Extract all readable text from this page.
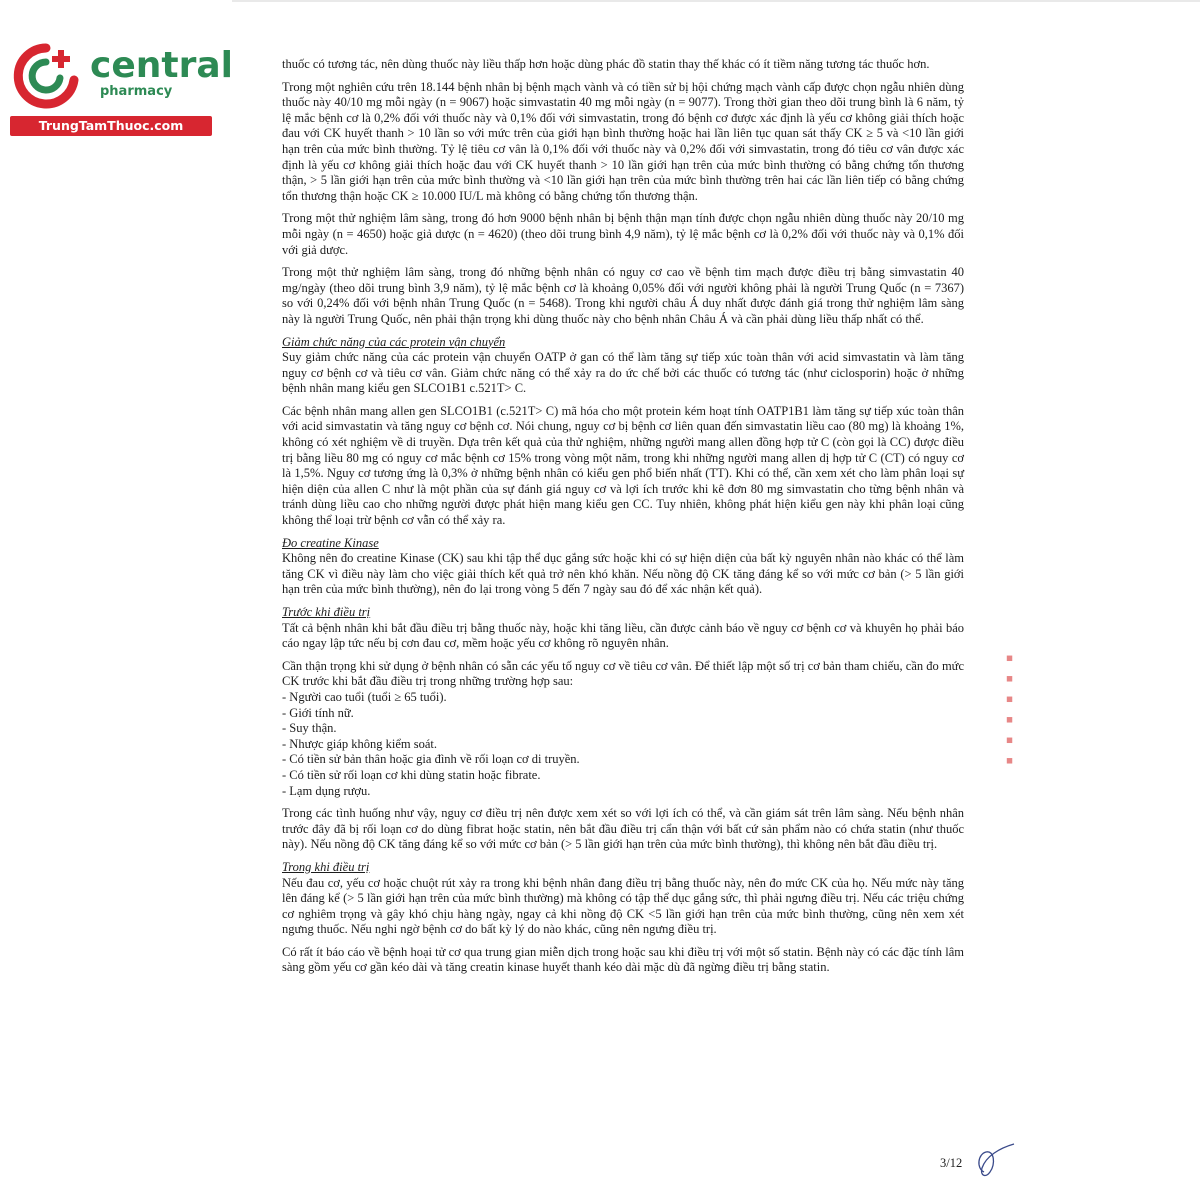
central
pharmacy
TrungTamThuoc.com

thuốc có tương tác, nên dùng thuốc này liều thấp hơn hoặc dùng phác đồ statin thay thế khác có ít tiềm năng tương tác thuốc hơn.

Trong một nghiên cứu trên 18.144 bệnh nhân bị bệnh mạch vành và có tiền sử bị hội chứng mạch vành cấp được chọn ngẫu nhiên dùng thuốc này 40/10 mg mỗi ngày (n = 9067) hoặc simvastatin 40 mg mỗi ngày (n = 9077). Trong thời gian theo dõi trung bình là 6 năm, tỷ lệ mắc bệnh cơ là 0,2% đối với thuốc này và 0,1% đối với simvastatin, trong đó bệnh cơ được xác định là yếu cơ không giải thích hoặc đau với CK huyết thanh > 10 lần so với mức trên của giới hạn bình thường hoặc hai lần liên tục quan sát thấy CK ≥ 5 và <10 lần giới hạn trên của mức bình thường. Tỷ lệ tiêu cơ vân là 0,1% đối với thuốc này và 0,2% đối với simvastatin, trong đó tiêu cơ vân được xác định là yếu cơ không giải thích hoặc đau với CK huyết thanh > 10 lần giới hạn trên của mức bình thường có bằng chứng tổn thương thận, > 5 lần giới hạn trên của mức bình thường và <10 lần giới hạn trên của mức bình thường trên hai các lần liên tiếp có bằng chứng tổn thương thận hoặc CK ≥ 10.000 IU/L mà không có bằng chứng tổn thương thận.

Trong một thử nghiệm lâm sàng, trong đó hơn 9000 bệnh nhân bị bệnh thận mạn tính được chọn ngẫu nhiên dùng thuốc này 20/10 mg mỗi ngày (n = 4650) hoặc giả dược (n = 4620) (theo dõi trung bình 4,9 năm), tỷ lệ mắc bệnh cơ là 0,2% đối với thuốc này và 0,1% đối với giả dược.

Trong một thử nghiệm lâm sàng, trong đó những bệnh nhân có nguy cơ cao về bệnh tim mạch được điều trị bằng simvastatin 40 mg/ngày (theo dõi trung bình 3,9 năm), tỷ lệ mắc bệnh cơ là khoảng 0,05% đối với người không phải là người Trung Quốc (n = 7367) so với 0,24% đối với bệnh nhân Trung Quốc (n = 5468). Trong khi người châu Á duy nhất được đánh giá trong thử nghiệm lâm sàng này là người Trung Quốc, nên phải thận trọng khi dùng thuốc này cho bệnh nhân Châu Á và cần phải dùng liều thấp nhất có thể.

Giảm chức năng của các protein vận chuyển

Suy giảm chức năng của các protein vận chuyển OATP ở gan có thể làm tăng sự tiếp xúc toàn thân với acid simvastatin và làm tăng nguy cơ bệnh cơ và tiêu cơ vân. Giảm chức năng có thể xảy ra do ức chế bởi các thuốc có tương tác (như ciclosporin) hoặc ở những bệnh nhân mang kiểu gen SLCO1B1 c.521T> C.

Các bệnh nhân mang allen gen SLCO1B1 (c.521T> C) mã hóa cho một protein kém hoạt tính OATP1B1 làm tăng sự tiếp xúc toàn thân với acid simvastatin và tăng nguy cơ bệnh cơ. Nói chung, nguy cơ bị bệnh cơ liên quan đến simvastatin liều cao (80 mg) là khoảng 1%, không có xét nghiệm về di truyền. Dựa trên kết quả của thử nghiệm, những người mang allen đồng hợp tử C (còn gọi là CC) được điều trị bằng liều 80 mg có nguy cơ mắc bệnh cơ 15% trong vòng một năm, trong khi những người mang allen dị hợp tử C (CT) có nguy cơ là 1,5%. Nguy cơ tương ứng là 0,3% ở những bệnh nhân có kiểu gen phổ biến nhất (TT). Khi có thể, cần xem xét cho làm phân loại sự hiện diện của allen C như là một phần của sự đánh giá nguy cơ và lợi ích trước khi kê đơn 80 mg simvastatin cho từng bệnh nhân và tránh dùng liều cao cho những người được phát hiện mang kiểu gen CC. Tuy nhiên, không phát hiện kiểu gen này khi phân loại cũng không thể loại trừ bệnh cơ vẫn có thể xảy ra.

Đo creatine Kinase

Không nên đo creatine Kinase (CK) sau khi tập thể dục gắng sức hoặc khi có sự hiện diện của bất kỳ nguyên nhân nào khác có thể làm tăng CK vì điều này làm cho việc giải thích kết quả trở nên khó khăn. Nếu nồng độ CK tăng đáng kể so với mức cơ bản (> 5 lần giới hạn trên của mức bình thường), nên đo lại trong vòng 5 đến 7 ngày sau đó để xác nhận kết quả).

Trước khi điều trị

Tất cả bệnh nhân khi bắt đầu điều trị bằng thuốc này, hoặc khi tăng liều, cần được cảnh báo về nguy cơ bệnh cơ và khuyên họ phải báo cáo ngay lập tức nếu bị cơn đau cơ, mềm hoặc yếu cơ không rõ nguyên nhân.

Cần thận trọng khi sử dụng ở bệnh nhân có sẵn các yếu tố nguy cơ về tiêu cơ vân. Để thiết lập một số trị cơ bản tham chiếu, cần đo mức CK trước khi bắt đầu điều trị trong những trường hợp sau:

- Người cao tuổi (tuổi ≥ 65 tuổi).
- Giới tính nữ.
- Suy thận.
- Nhược giáp không kiểm soát.
- Có tiền sử bản thân hoặc gia đình về rối loạn cơ di truyền.
- Có tiền sử rối loạn cơ khi dùng statin hoặc fibrate.
- Lạm dụng rượu.

Trong các tình huống như vậy, nguy cơ điều trị nên được xem xét so với lợi ích có thể, và cần giám sát trên lâm sàng. Nếu bệnh nhân trước đây đã bị rối loạn cơ do dùng fibrat hoặc statin, nên bắt đầu điều trị cẩn thận với bất cứ sản phẩm nào có chứa statin (như thuốc này). Nếu nồng độ CK tăng đáng kể so với mức cơ bản (> 5 lần giới hạn trên của mức bình thường), thì không nên bắt đầu điều trị.

Trong khi điều trị

Nếu đau cơ, yếu cơ hoặc chuột rút xảy ra trong khi bệnh nhân đang điều trị bằng thuốc này, nên đo mức CK của họ. Nếu mức này tăng lên đáng kể (> 5 lần giới hạn trên của mức bình thường) mà không có tập thể dục gắng sức, thì phải ngưng điều trị. Nếu các triệu chứng cơ nghiêm trọng và gây khó chịu hàng ngày, ngay cả khi nồng độ CK <5 lần giới hạn trên của mức bình thường, cũng nên xem xét ngưng thuốc. Nếu nghi ngờ bệnh cơ do bất kỳ lý do nào khác, cũng nên ngưng điều trị.

Có rất ít báo cáo về bệnh hoại tử cơ qua trung gian miễn dịch trong hoặc sau khi điều trị với một số statin. Bệnh này có các đặc tính lâm sàng gồm yếu cơ gần kéo dài và tăng creatin kinase huyết thanh kéo dài mặc dù đã ngừng điều trị bằng statin.

▪ ▪ ▪ ▪ ▪ ▪
3/12
